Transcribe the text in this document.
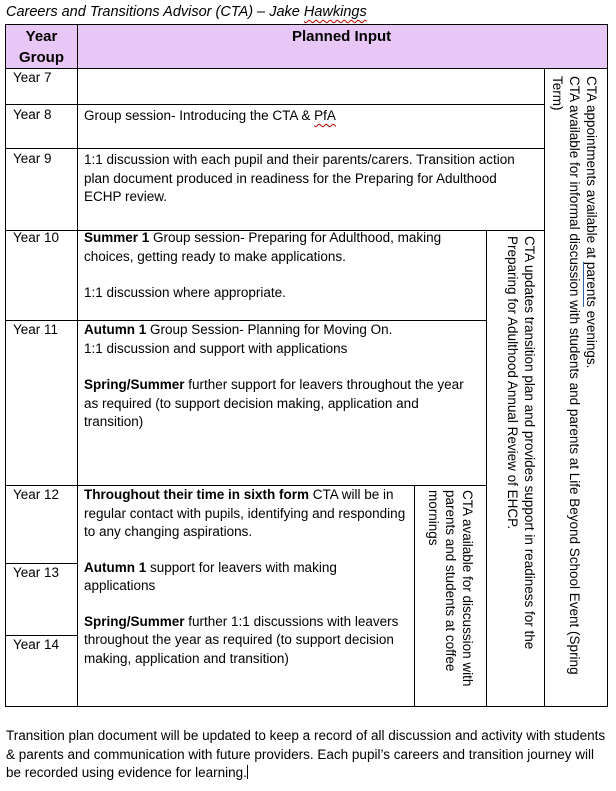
Careers and Transitions Advisor (CTA) – Jake Hawkings
Year
Group
Planned Input
Year 7
Year 8
Year 9
Year 10
Year 11
Year 12
Year 13
Year 14
Group session- Introducing the CTA & PfA
1:1 discussion with each pupil and their parents/carers. Transition action plan document produced in readiness for the Preparing for Adulthood ECHP review.

Summer 1 Group session- Preparing for Adulthood, making choices, getting ready to make applications.

1:1 discussion where appropriate.

Autumn 1 Group Session- Planning for Moving On.

1:1 discussion and support with applications

Spring/Summer further support for leavers throughout the year as required (to support decision making, application and transition)

Throughout their time in sixth form CTA will be in regular contact with pupils, identifying and responding to any changing aspirations.

Autumn 1 support for leavers with making applications

Spring/Summer further 1:1 discussions with leavers throughout the year as required (to support decision making, application and transition)

CTA appointments available at parents evenings.
CTA available for informal discussion with students and parents at Life Beyond School Event (Spring
Term)
CTA updates transition plan and provides support in readiness for the
Preparing for Adulthood Annual Review of EHCP.
CTA available for discussion with
parents and students at coffee
mornings
Transition plan document will be updated to keep a record of all discussion and activity with students & parents and communication with future providers. Each pupil’s careers and transition journey will be recorded using evidence for learning.
